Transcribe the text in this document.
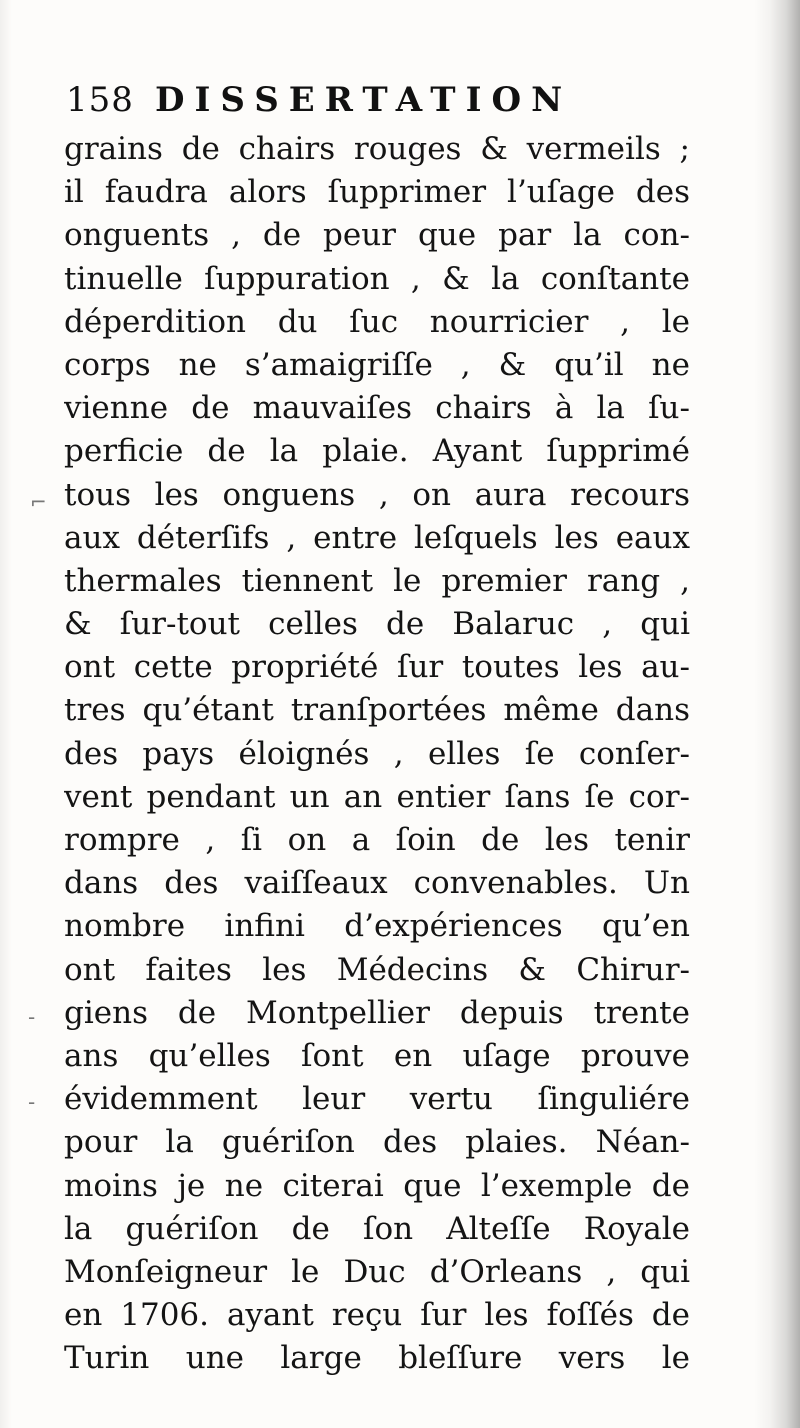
158 DISSERTATION
grains de chairs rouges & vermeils ;
il faudra alors ſupprimer l’uſage des
onguents , de peur que par la con-
tinuelle ſuppuration , & la conſtante
déperdition du ſuc nourricier , le
corps ne s’amaigriſſe , & qu’il ne
vienne de mauvaiſes chairs à la ſu-
perficie de la plaie. Ayant ſupprimé
tous les onguens , on aura recours
aux déterſifs , entre leſquels les eaux
thermales tiennent le premier rang ,
& ſur-tout celles de Balaruc , qui
ont cette propriété ſur toutes les au-
tres qu’étant tranſportées même dans
des pays éloignés , elles ſe conſer-
vent pendant un an entier ſans ſe cor-
rompre , ſi on a ſoin de les tenir
dans des vaiſſeaux convenables. Un
nombre infini d’expériences qu’en
ont faites les Médecins & Chirur-
giens de Montpellier depuis trente
ans qu’elles ſont en uſage prouve
évidemment leur vertu ſinguliére
pour la guériſon des plaies. Néan-
moins je ne citerai que l’exemple de
la guériſon de ſon Alteſſe Royale
Monſeigneur le Duc d’Orleans , qui
en 1706. ayant reçu ſur les foſſés de
Turin une large bleſſure vers le
⌐
-
-
